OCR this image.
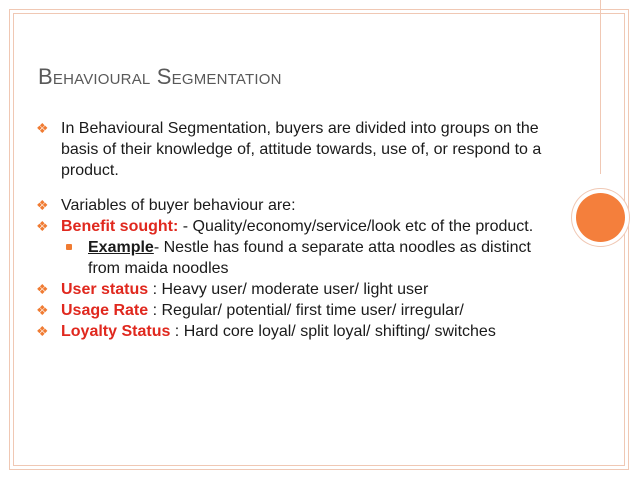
Behavioural Segmentation
❖ In Behavioural Segmentation, buyers are divided into groups on the basis of their knowledge of, attitude towards, use of, or respond to a product.
❖ Variables of buyer behaviour are:
❖ Benefit sought: - Quality/economy/service/look etc of the product.
Example- Nestle has found a separate atta noodles as distinct from maida noodles
❖ User status : Heavy user/ moderate user/ light user
❖ Usage Rate : Regular/ potential/ first time user/ irregular/
❖ Loyalty Status : Hard core loyal/ split loyal/ shifting/ switches
